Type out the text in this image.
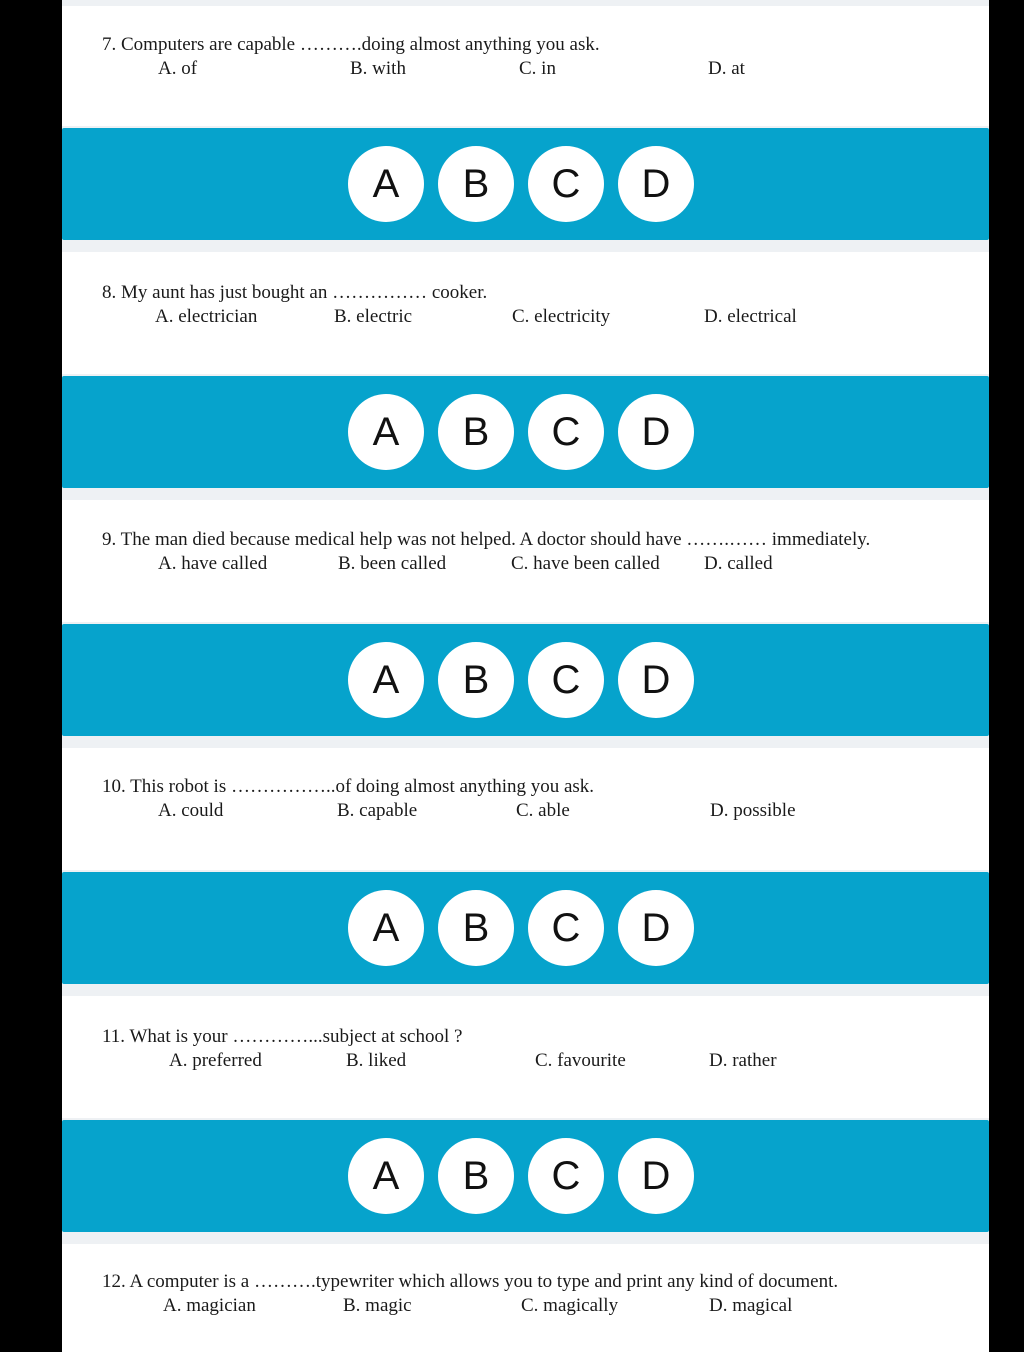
7. Computers are capable ……….doing almost anything you ask.
A. of	B. with	C. in	D. at
A	B	C	D
8. My aunt has just bought an …………… cooker.
A. electrician	B. electric	C. electricity	D. electrical
A	B	C	D
9. The man died because medical help was not helped. A doctor should have …….…… immediately.
A. have called	B. been called	C. have been called D. called
A	B	C	D
10. This robot is ……………..of doing almost anything you ask.
A. could	B. capable	C. able	D. possible
A	B	C	D
11. What is your …………...subject at school ?
A. preferred	B. liked	C. favourite	D. rather
A	B	C	D
12. A computer is a ……….typewriter which allows you to type and print any kind of document.
A. magician	B. magic	C. magically	D. magical
